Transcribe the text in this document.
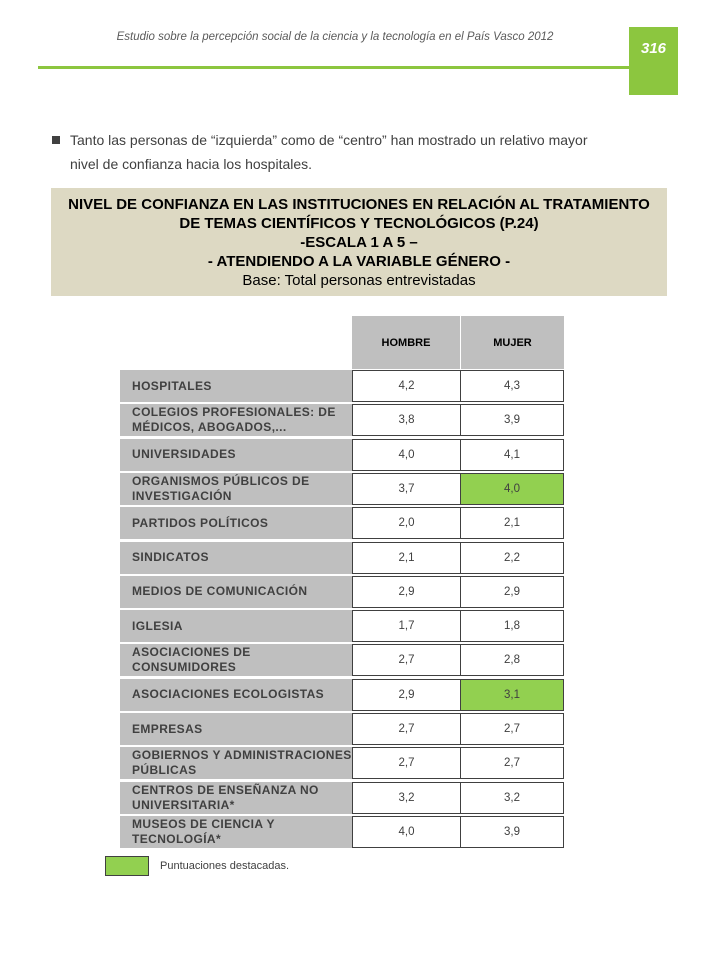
Estudio sobre la percepción social de la ciencia y la tecnología en el País Vasco 2012
316
Tanto las personas de “izquierda” como de “centro” han mostrado un relativo mayor
nivel de confianza hacia los hospitales.
NIVEL DE CONFIANZA EN LAS INSTITUCIONES EN RELACIÓN AL TRATAMIENTO
DE TEMAS CIENTÍFICOS Y TECNOLÓGICOS (P.24)
-ESCALA 1 A 5 –
- ATENDIENDO A LA VARIABLE GÉNERO -
Base: Total personas entrevistadas
HOMBRE	MUJER
HOSPITALES	4,2	4,3
COLEGIOS PROFESIONALES: DE MÉDICOS, ABOGADOS,...	3,8	3,9
UNIVERSIDADES	4,0	4,1
ORGANISMOS PÚBLICOS DE INVESTIGACIÓN	3,7	4,0
PARTIDOS POLÍTICOS	2,0	2,1
SINDICATOS	2,1	2,2
MEDIOS DE COMUNICACIÓN	2,9	2,9
IGLESIA	1,7	1,8
ASOCIACIONES DE CONSUMIDORES	2,7	2,8
ASOCIACIONES ECOLOGISTAS	2,9	3,1
EMPRESAS	2,7	2,7
GOBIERNOS Y ADMINISTRACIONES PÚBLICAS	2,7	2,7
CENTROS DE ENSEÑANZA NO UNIVERSITARIA*	3,2	3,2
MUSEOS DE CIENCIA Y TECNOLOGÍA*	4,0	3,9
Puntuaciones destacadas.
